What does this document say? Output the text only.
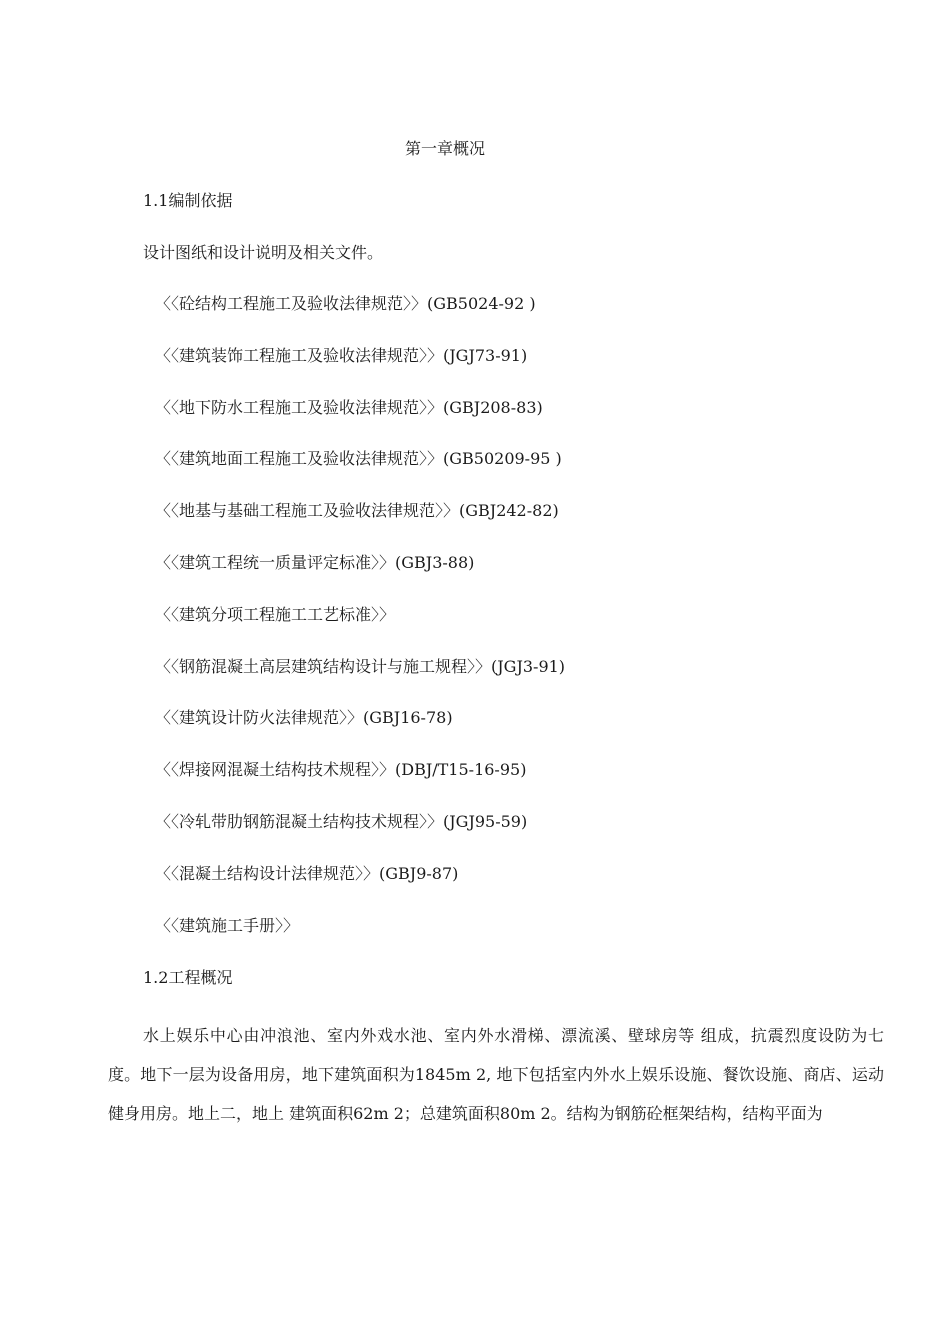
第一章概况
1.1编制依据

设计图纸和设计说明及相关文件。

〈〈砼结构工程施工及验收法律规范〉〉(GB5024-92 )
〈〈建筑装饰工程施工及验收法律规范〉〉(JGJ73-91)
〈〈地下防水工程施工及验收法律规范〉〉(GBJ208-83)
〈〈建筑地面工程施工及验收法律规范〉〉(GB50209-95 )
〈〈地基与基础工程施工及验收法律规范〉〉(GBJ242-82)
〈〈建筑工程统一质量评定标准〉〉(GBJ3-88)
〈〈建筑分项工程施工工艺标准〉〉
〈〈钢筋混凝土高层建筑结构设计与施工规程〉〉(JGJ3-91)
〈〈建筑设计防火法律规范〉〉(GBJ16-78)
〈〈焊接网混凝土结构技术规程〉〉(DBJ/T15-16-95)
〈〈冷轧带肋钢筋混凝土结构技术规程〉〉(JGJ95-59)
〈〈混凝土结构设计法律规范〉〉(GBJ9-87)
〈〈建筑施工手册〉〉
1.2工程概况

水上娱乐中心由冲浪池、室内外戏水池、室内外水滑梯、漂流溪、壁球房等 组成，抗震烈度设防为七度。地下一层为设备用房，地下建筑面积为1845m 2, 地下包括室内外水上娱乐设施、餐饮设施、商店、运动健身用房。地上二，地上 建筑面积62m 2；总建筑面积80m 2。结构为钢筋砼框架结构，结构平面为
